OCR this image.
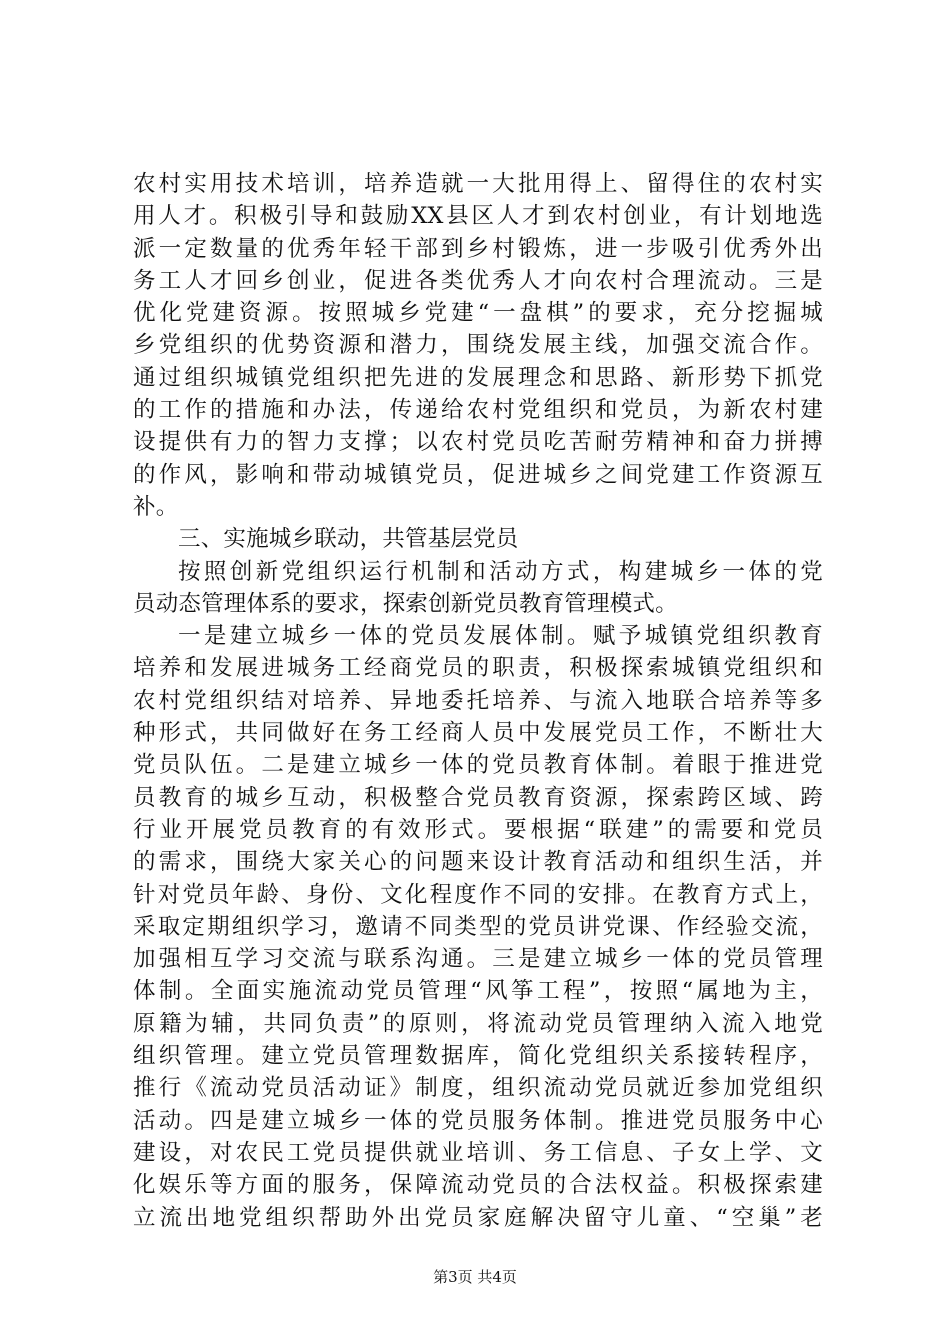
农村实用技术培训，培养造就一大批用得上、留得住的农村实
用人才。积极引导和鼓励XX县区人才到农村创业，有计划地选
派一定数量的优秀年轻干部到乡村锻炼，进一步吸引优秀外出
务工人才回乡创业，促进各类优秀人才向农村合理流动。三是
优化党建资源。按照城乡党建“一盘棋”的要求，充分挖掘城
乡党组织的优势资源和潜力，围绕发展主线，加强交流合作。
通过组织城镇党组织把先进的发展理念和思路、新形势下抓党
的工作的措施和办法，传递给农村党组织和党员，为新农村建
设提供有力的智力支撑；以农村党员吃苦耐劳精神和奋力拼搏
的作风，影响和带动城镇党员，促进城乡之间党建工作资源互
补。
三、实施城乡联动，共管基层党员
按照创新党组织运行机制和活动方式，构建城乡一体的党
员动态管理体系的要求，探索创新党员教育管理模式。
一是建立城乡一体的党员发展体制。赋予城镇党组织教育
培养和发展进城务工经商党员的职责，积极探索城镇党组织和
农村党组织结对培养、异地委托培养、与流入地联合培养等多
种形式，共同做好在务工经商人员中发展党员工作，不断壮大
党员队伍。二是建立城乡一体的党员教育体制。着眼于推进党
员教育的城乡互动，积极整合党员教育资源，探索跨区域、跨
行业开展党员教育的有效形式。要根据“联建”的需要和党员
的需求，围绕大家关心的问题来设计教育活动和组织生活，并
针对党员年龄、身份、文化程度作不同的安排。在教育方式上，
采取定期组织学习，邀请不同类型的党员讲党课、作经验交流，
加强相互学习交流与联系沟通。三是建立城乡一体的党员管理
体制。全面实施流动党员管理“风筝工程”，按照“属地为主，
原籍为辅，共同负责”的原则，将流动党员管理纳入流入地党
组织管理。建立党员管理数据库，简化党组织关系接转程序，
推行《流动党员活动证》制度，组织流动党员就近参加党组织
活动。四是建立城乡一体的党员服务体制。推进党员服务中心
建设，对农民工党员提供就业培训、务工信息、子女上学、文
化娱乐等方面的服务，保障流动党员的合法权益。积极探索建
立流出地党组织帮助外出党员家庭解决留守儿童、“空巢”老
第3页 共4页
